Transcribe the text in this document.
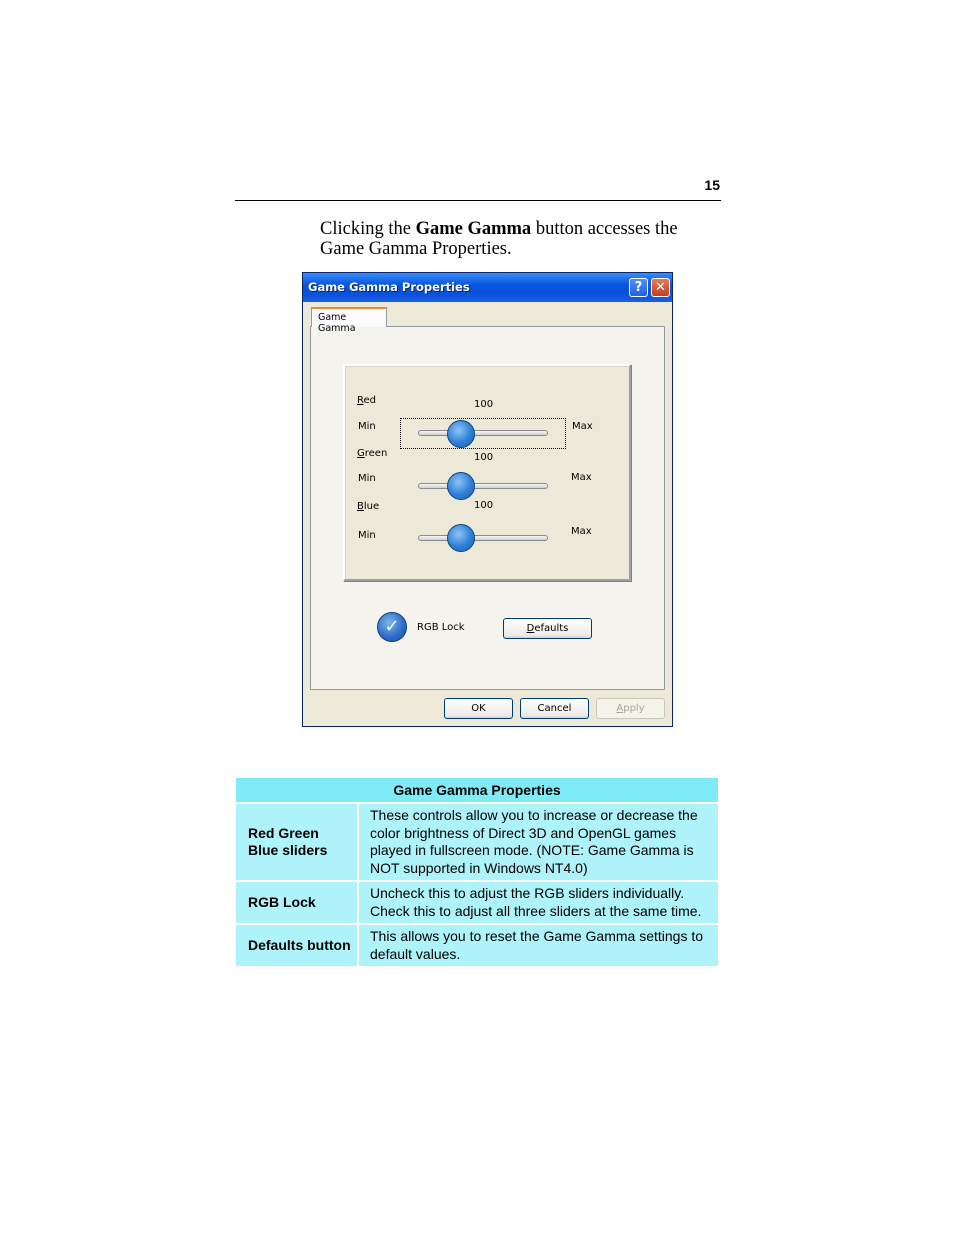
15
Clicking the Game Gamma button accesses the Game Gamma Properties.
Game Gamma Properties	? ✕
Game Gamma
Red	100
Min	Max
Green	100
Min	Max
Blue	100
Min	Max
✓	RGB Lock	Defaults
OK	Cancel	Apply
Game Gamma Properties	
Red Green Blue sliders	These controls allow you to increase or decrease the color brightness of Direct 3D and OpenGL games played in fullscreen mode. (NOTE: Game Gamma is NOT supported in Windows NT4.0)
RGB Lock	Uncheck this to adjust the RGB sliders individually. Check this to adjust all three sliders at the same time.
Defaults button	This allows you to reset the Game Gamma settings to default values.
